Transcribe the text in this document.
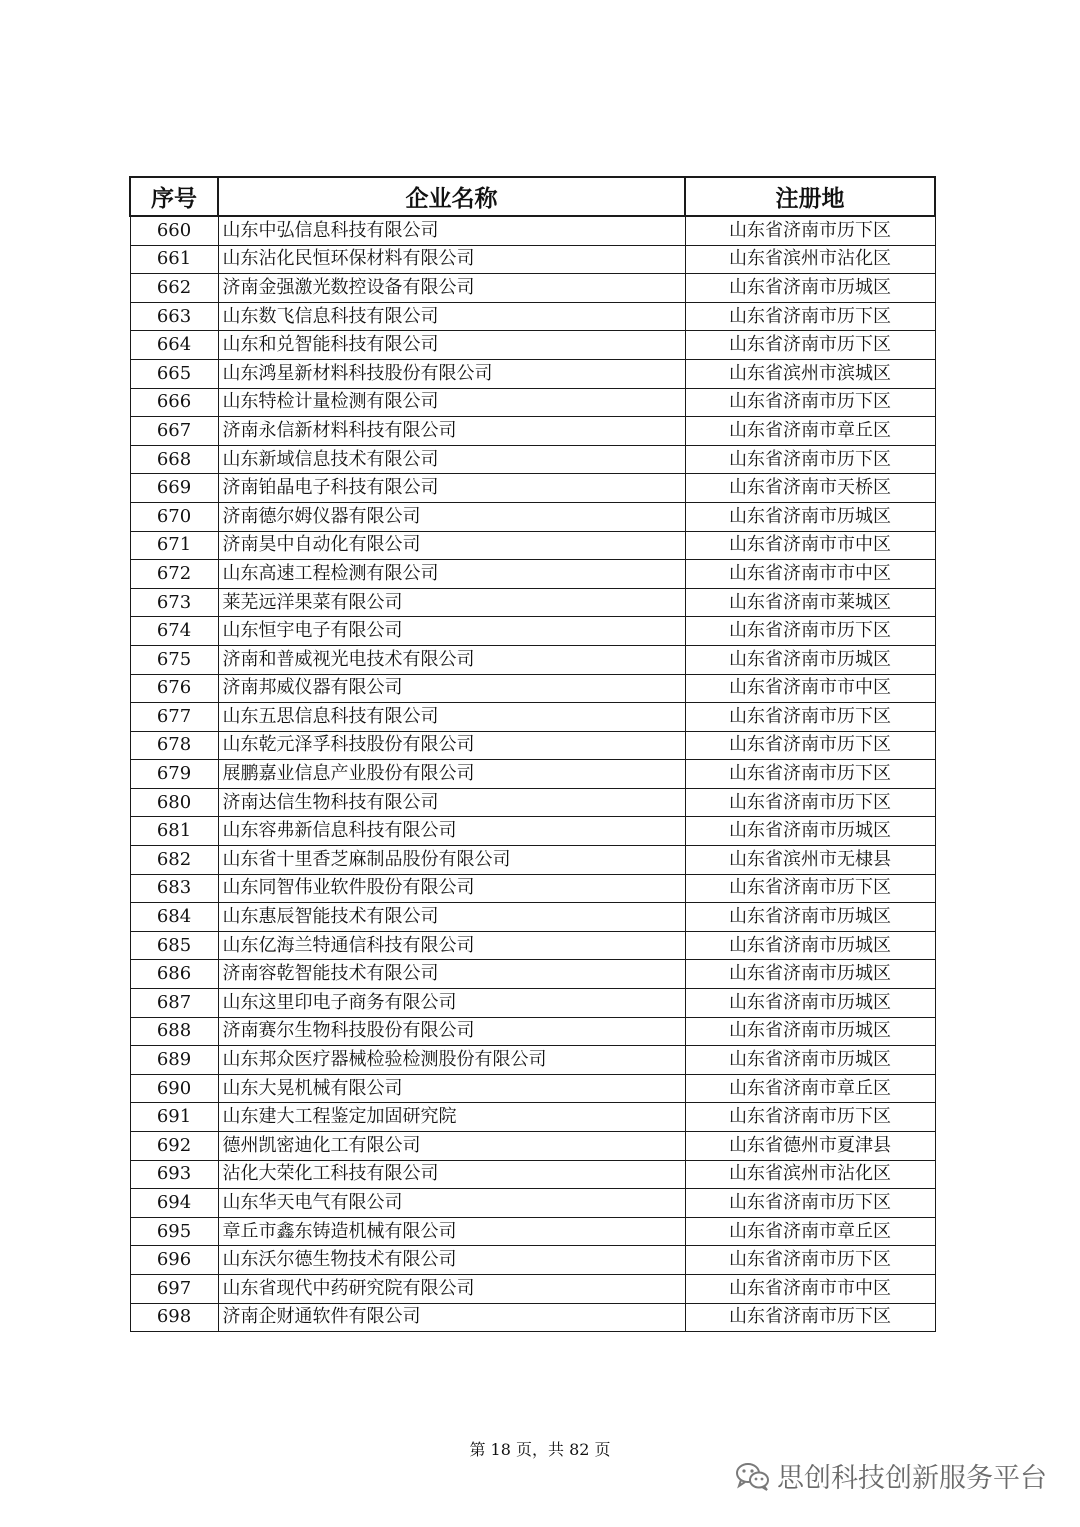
序号	企业名称	注册地
660	山东中弘信息科技有限公司	山东省济南市历下区
661	山东沾化民恒环保材料有限公司	山东省滨州市沾化区
662	济南金强激光数控设备有限公司	山东省济南市历城区
663	山东数飞信息科技有限公司	山东省济南市历下区
664	山东和兑智能科技有限公司	山东省济南市历下区
665	山东鸿星新材料科技股份有限公司	山东省滨州市滨城区
666	山东特检计量检测有限公司	山东省济南市历下区
667	济南永信新材料科技有限公司	山东省济南市章丘区
668	山东新域信息技术有限公司	山东省济南市历下区
669	济南铂晶电子科技有限公司	山东省济南市天桥区
670	济南德尔姆仪器有限公司	山东省济南市历城区
671	济南昊中自动化有限公司	山东省济南市市中区
672	山东高速工程检测有限公司	山东省济南市市中区
673	莱芜远洋果菜有限公司	山东省济南市莱城区
674	山东恒宇电子有限公司	山东省济南市历下区
675	济南和普威视光电技术有限公司	山东省济南市历城区
676	济南邦威仪器有限公司	山东省济南市市中区
677	山东五思信息科技有限公司	山东省济南市历下区
678	山东乾元泽孚科技股份有限公司	山东省济南市历下区
679	展鹏嘉业信息产业股份有限公司	山东省济南市历下区
680	济南达信生物科技有限公司	山东省济南市历下区
681	山东容弗新信息科技有限公司	山东省济南市历城区
682	山东省十里香芝麻制品股份有限公司	山东省滨州市无棣县
683	山东同智伟业软件股份有限公司	山东省济南市历下区
684	山东惠辰智能技术有限公司	山东省济南市历城区
685	山东亿海兰特通信科技有限公司	山东省济南市历城区
686	济南容乾智能技术有限公司	山东省济南市历城区
687	山东这里印电子商务有限公司	山东省济南市历城区
688	济南赛尔生物科技股份有限公司	山东省济南市历城区
689	山东邦众医疗器械检验检测股份有限公司	山东省济南市历城区
690	山东大晃机械有限公司	山东省济南市章丘区
691	山东建大工程鉴定加固研究院	山东省济南市历下区
692	德州凯密迪化工有限公司	山东省德州市夏津县
693	沾化大荣化工科技有限公司	山东省滨州市沾化区
694	山东华天电气有限公司	山东省济南市历下区
695	章丘市鑫东铸造机械有限公司	山东省济南市章丘区
696	山东沃尔德生物技术有限公司	山东省济南市历下区
697	山东省现代中药研究院有限公司	山东省济南市市中区
698	济南企财通软件有限公司	山东省济南市历下区
第 18 页，共 82 页
思创科技创新服务平台
